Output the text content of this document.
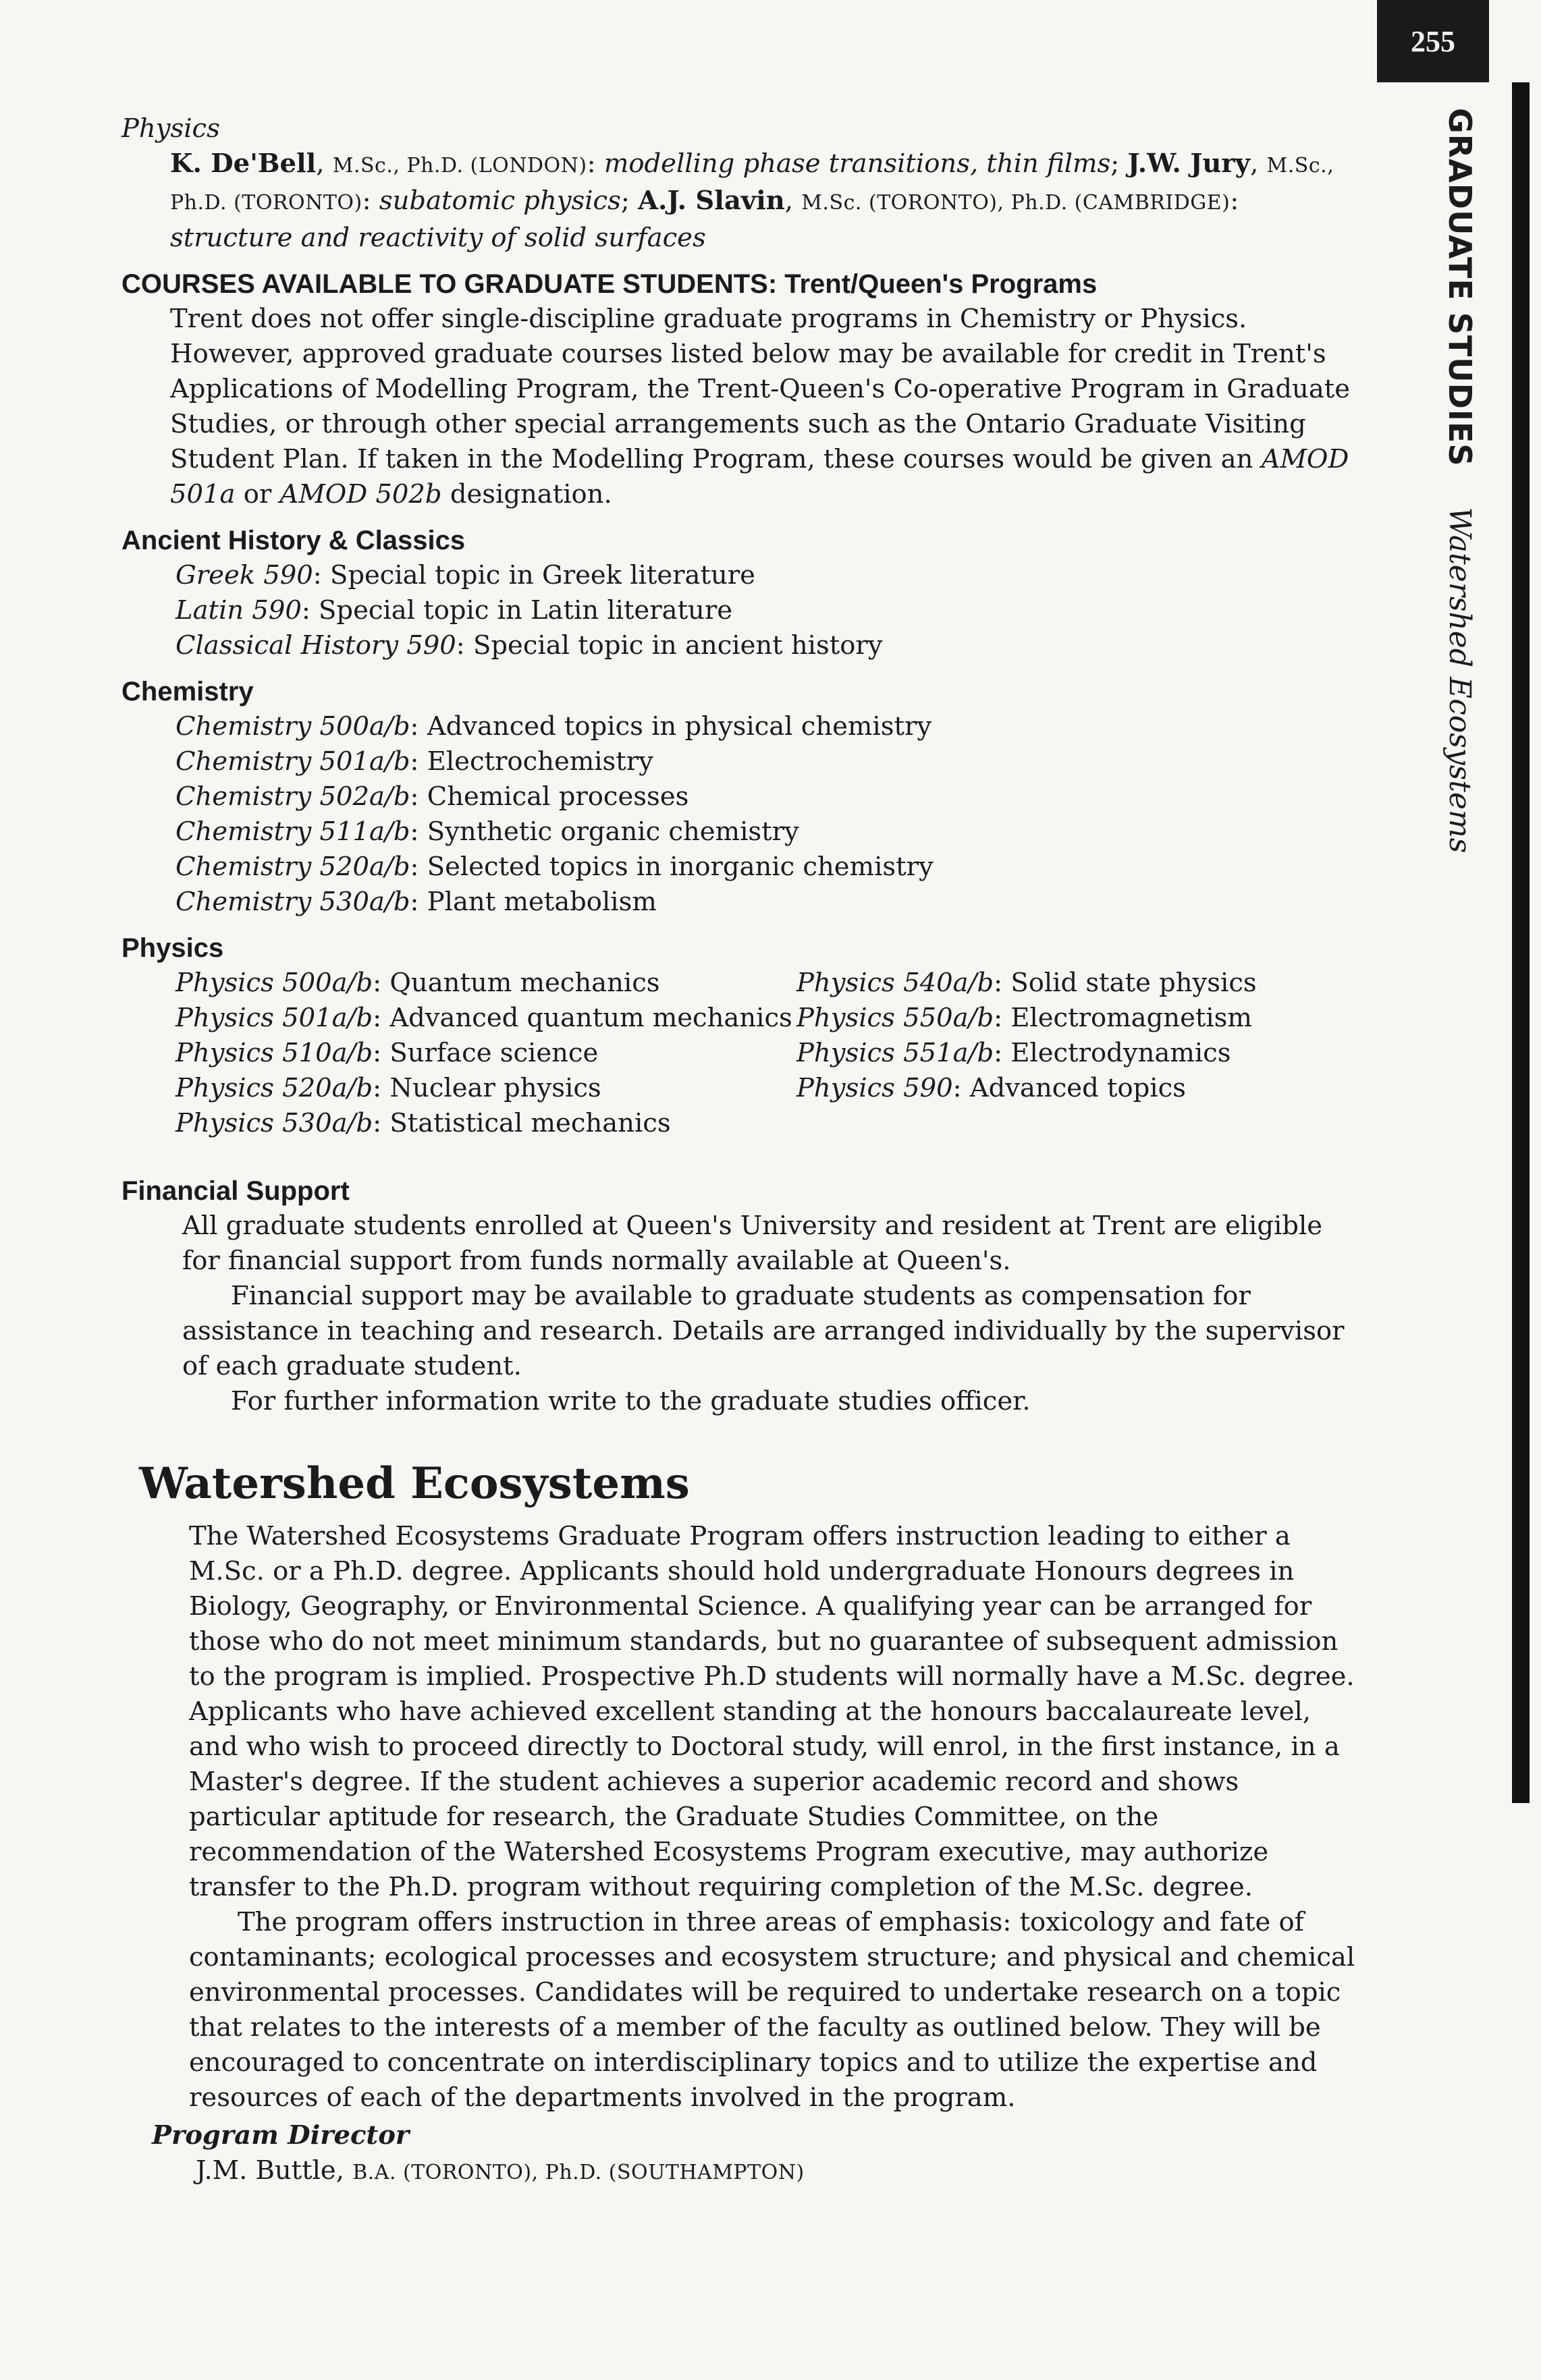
255
GRADUATE STUDIES
Watershed Ecosystems

Physics

K. De'Bell, M.Sc., Ph.D. (LONDON): modelling phase transitions, thin films; J.W. Jury, M.Sc., Ph.D. (TORONTO): subatomic physics; A.J. Slavin, M.Sc. (TORONTO), Ph.D. (CAMBRIDGE): structure and reactivity of solid surfaces

COURSES AVAILABLE TO GRADUATE STUDENTS: Trent/Queen's Programs

Trent does not offer single-discipline graduate programs in Chemistry or Physics. However, approved graduate courses listed below may be available for credit in Trent's Applications of Modelling Program, the Trent-Queen's Co-operative Program in Graduate Studies, or through other special arrangements such as the Ontario Graduate Visiting Student Plan. If taken in the Modelling Program, these courses would be given an AMOD 501a or AMOD 502b designation.

Ancient History & Classics

Greek 590: Special topic in Greek literature

Latin 590: Special topic in Latin literature

Classical History 590: Special topic in ancient history

Chemistry

Chemistry 500a/b: Advanced topics in physical chemistry

Chemistry 501a/b: Electrochemistry

Chemistry 502a/b: Chemical processes

Chemistry 511a/b: Synthetic organic chemistry

Chemistry 520a/b: Selected topics in inorganic chemistry

Chemistry 530a/b: Plant metabolism

Physics

Physics 500a/b: Quantum mechanics

Physics 501a/b: Advanced quantum mechanics

Physics 510a/b: Surface science

Physics 520a/b: Nuclear physics

Physics 530a/b: Statistical mechanics

Physics 540a/b: Solid state physics

Physics 550a/b: Electromagnetism

Physics 551a/b: Electrodynamics

Physics 590: Advanced topics

Financial Support

All graduate students enrolled at Queen's University and resident at Trent are eligible for financial support from funds normally available at Queen's.

Financial support may be available to graduate students as compensation for assistance in teaching and research. Details are arranged individually by the supervisor of each graduate student.

For further information write to the graduate studies officer.

Watershed Ecosystems

The Watershed Ecosystems Graduate Program offers instruction leading to either a M.Sc. or a Ph.D. degree. Applicants should hold undergraduate Honours degrees in Biology, Geography, or Environmental Science. A qualifying year can be arranged for those who do not meet minimum standards, but no guarantee of subsequent admission to the program is implied. Prospective Ph.D students will normally have a M.Sc. degree. Applicants who have achieved excellent standing at the honours baccalaureate level, and who wish to proceed directly to Doctoral study, will enrol, in the first instance, in a Master's degree. If the student achieves a superior academic record and shows particular aptitude for research, the Graduate Studies Committee, on the recommendation of the Watershed Ecosystems Program executive, may authorize transfer to the Ph.D. program without requiring completion of the M.Sc. degree.

The program offers instruction in three areas of emphasis: toxicology and fate of contaminants; ecological processes and ecosystem structure; and physical and chemical environmental processes. Candidates will be required to undertake research on a topic that relates to the interests of a member of the faculty as outlined below. They will be encouraged to concentrate on interdisciplinary topics and to utilize the expertise and resources of each of the departments involved in the program.

Program Director

J.M. Buttle, B.A. (TORONTO), Ph.D. (SOUTHAMPTON)
